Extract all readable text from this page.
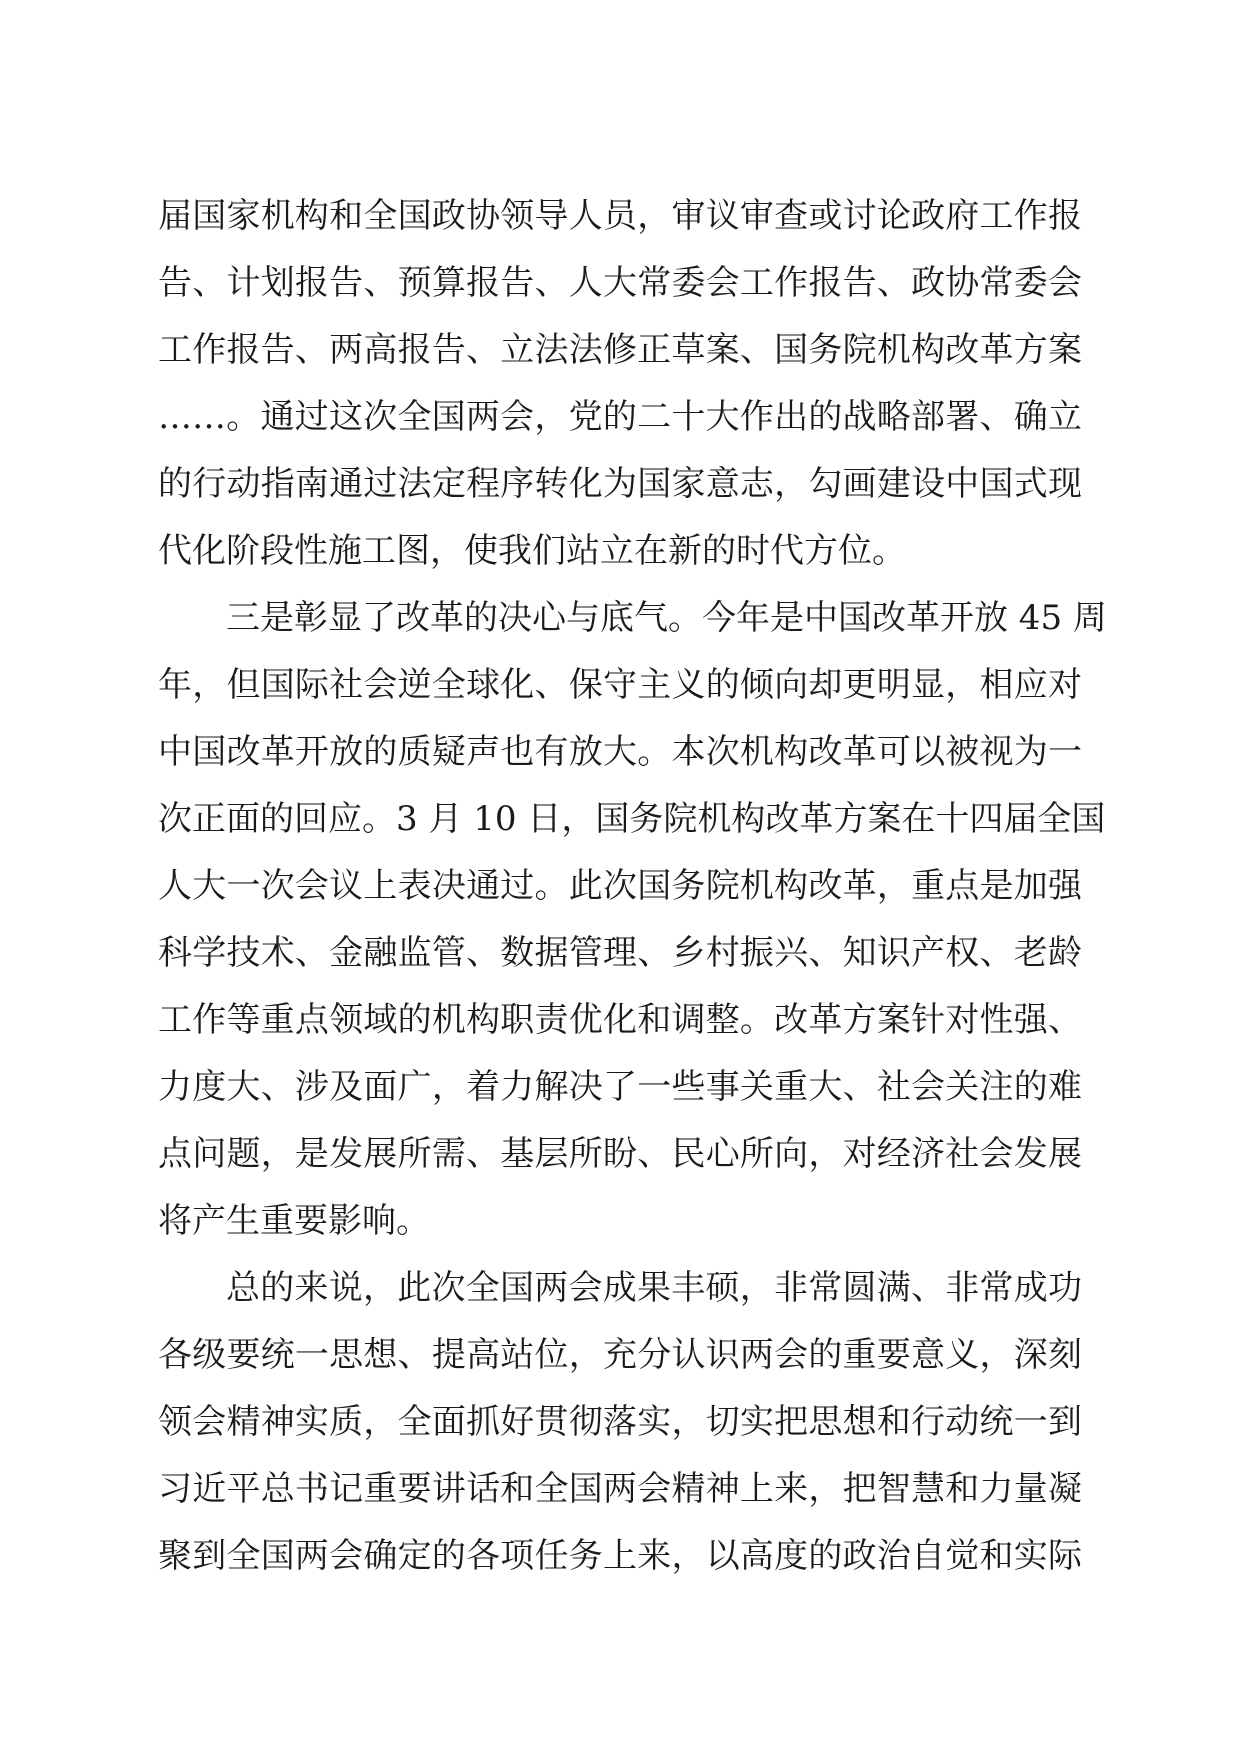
届国家机构和全国政协领导人员，审议审查或讨论政府工作报
告、计划报告、预算报告、人大常委会工作报告、政协常委会
工作报告、两高报告、立法法修正草案、国务院机构改革方案
……。通过这次全国两会，党的二十大作出的战略部署、确立
的行动指南通过法定程序转化为国家意志，勾画建设中国式现
代化阶段性施工图，使我们站立在新的时代方位。
三是彰显了改革的决心与底气。今年是中国改革开放 45 周
年，但国际社会逆全球化、保守主义的倾向却更明显，相应对
中国改革开放的质疑声也有放大。本次机构改革可以被视为一
次正面的回应。3 月 10 日，国务院机构改革方案在十四届全国
人大一次会议上表决通过。此次国务院机构改革，重点是加强
科学技术、金融监管、数据管理、乡村振兴、知识产权、老龄
工作等重点领域的机构职责优化和调整。改革方案针对性强、
力度大、涉及面广，着力解决了一些事关重大、社会关注的难
点问题，是发展所需、基层所盼、民心所向，对经济社会发展
将产生重要影响。
总的来说，此次全国两会成果丰硕，非常圆满、非常成功
各级要统一思想、提高站位，充分认识两会的重要意义，深刻
领会精神实质，全面抓好贯彻落实，切实把思想和行动统一到
习近平总书记重要讲话和全国两会精神上来，把智慧和力量凝
聚到全国两会确定的各项任务上来，以高度的政治自觉和实际
